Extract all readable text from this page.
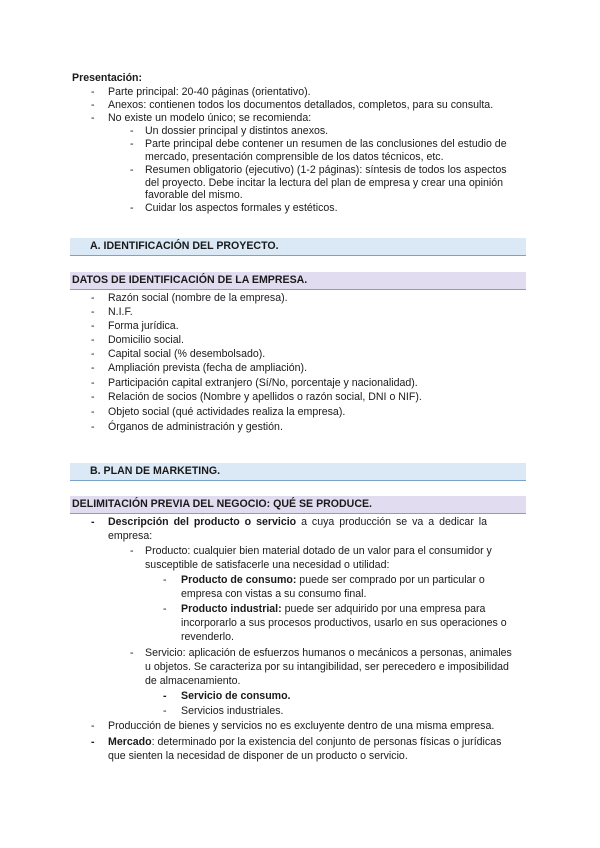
Presentación:
- Parte principal: 20-40 páginas (orientativo).
- Anexos: contienen todos los documentos detallados, completos, para su consulta.
- No existe un modelo único; se recomienda:
- Un dossier principal y distintos anexos.
- Parte principal debe contener un resumen de las conclusiones del estudio de
mercado, presentación comprensible de los datos técnicos, etc.
- Resumen obligatorio (ejecutivo) (1-2 páginas): síntesis de todos los aspectos
del proyecto. Debe incitar la lectura del plan de empresa y crear una opinión
favorable del mismo.
- Cuidar los aspectos formales y estéticos.
A. IDENTIFICACIÓN DEL PROYECTO.
DATOS DE IDENTIFICACIÓN DE LA EMPRESA.
- Razón social (nombre de la empresa).
- N.I.F.
- Forma jurídica.
- Domicilio social.
- Capital social (% desembolsado).
- Ampliación prevista (fecha de ampliación).
- Participación capital extranjero (Sí/No, porcentaje y nacionalidad).
- Relación de socios (Nombre y apellidos o razón social, DNI o NIF).
- Objeto social (qué actividades realiza la empresa).
- Órganos de administración y gestión.
B. PLAN DE MARKETING.
DELIMITACIÓN PREVIA DEL NEGOCIO: QUÉ SE PRODUCE.
- Descripción del producto o servicio a cuya producción se va a dedicar la
empresa:
- Producto: cualquier bien material dotado de un valor para el consumidor y
susceptible de satisfacerle una necesidad o utilidad:
- Producto de consumo: puede ser comprado por un particular o
empresa con vistas a su consumo final.
- Producto industrial: puede ser adquirido por una empresa para
incorporarlo a sus procesos productivos, usarlo en sus operaciones o
revenderlo.
- Servicio: aplicación de esfuerzos humanos o mecánicos a personas, animales
u objetos. Se caracteriza por su intangibilidad, ser perecedero e imposibilidad
de almacenamiento.
- Servicio de consumo.
- Servicios industriales.
- Producción de bienes y servicios no es excluyente dentro de una misma empresa.
- Mercado: determinado por la existencia del conjunto de personas físicas o jurídicas
que sienten la necesidad de disponer de un producto o servicio.
